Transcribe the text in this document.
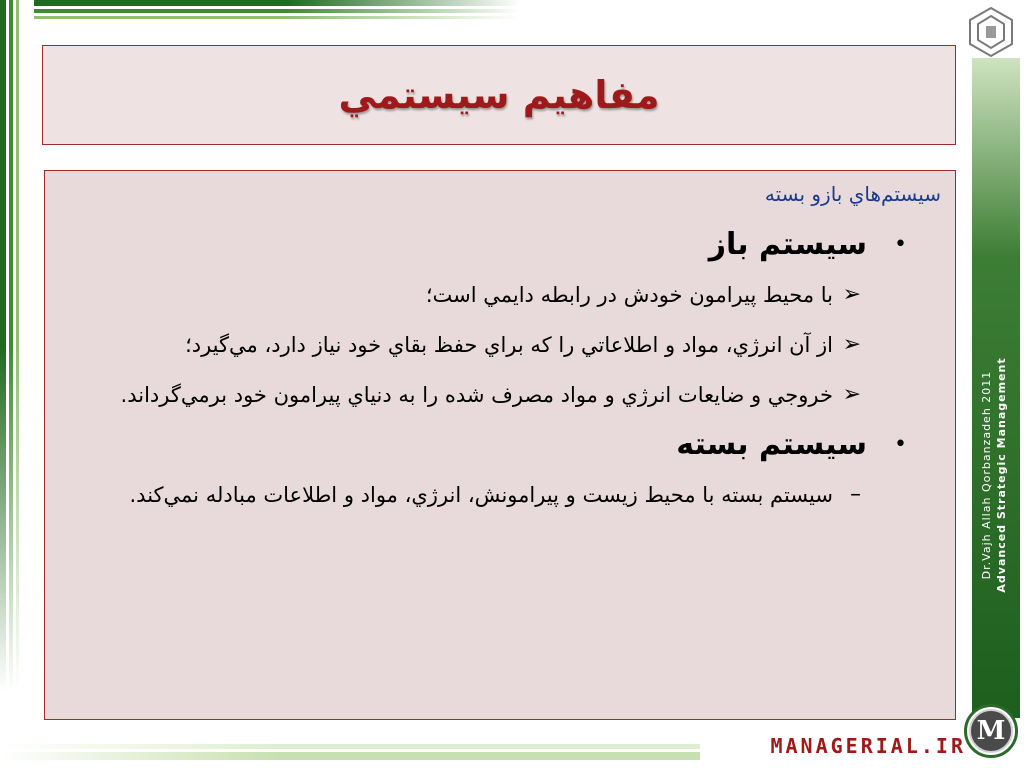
Dr.Vajh Allah Qorbanzadeh 2011 Advanced Strategic Management
M
MANAGERIAL.IR
مفاهيم سيستمي
سيستم‌هاي بازو بسته
•
سيستم باز
➢
با محيط پيرامون خودش در رابطه دايمي است؛
➢
از آن انرژي، مواد و اطلاعاتي را كه براي حفظ بقاي خود نياز دارد، مي‌گيرد؛
➢
خروجي و ضايعات انرژي و مواد مصرف شده را به دنياي پيرامون خود برمي‌گرداند.
•
سيستم بسته
–
سيستم بسته با محيط زيست و پيرامونش، انرژي، مواد و اطلاعات مبادله نمي‌كند.
